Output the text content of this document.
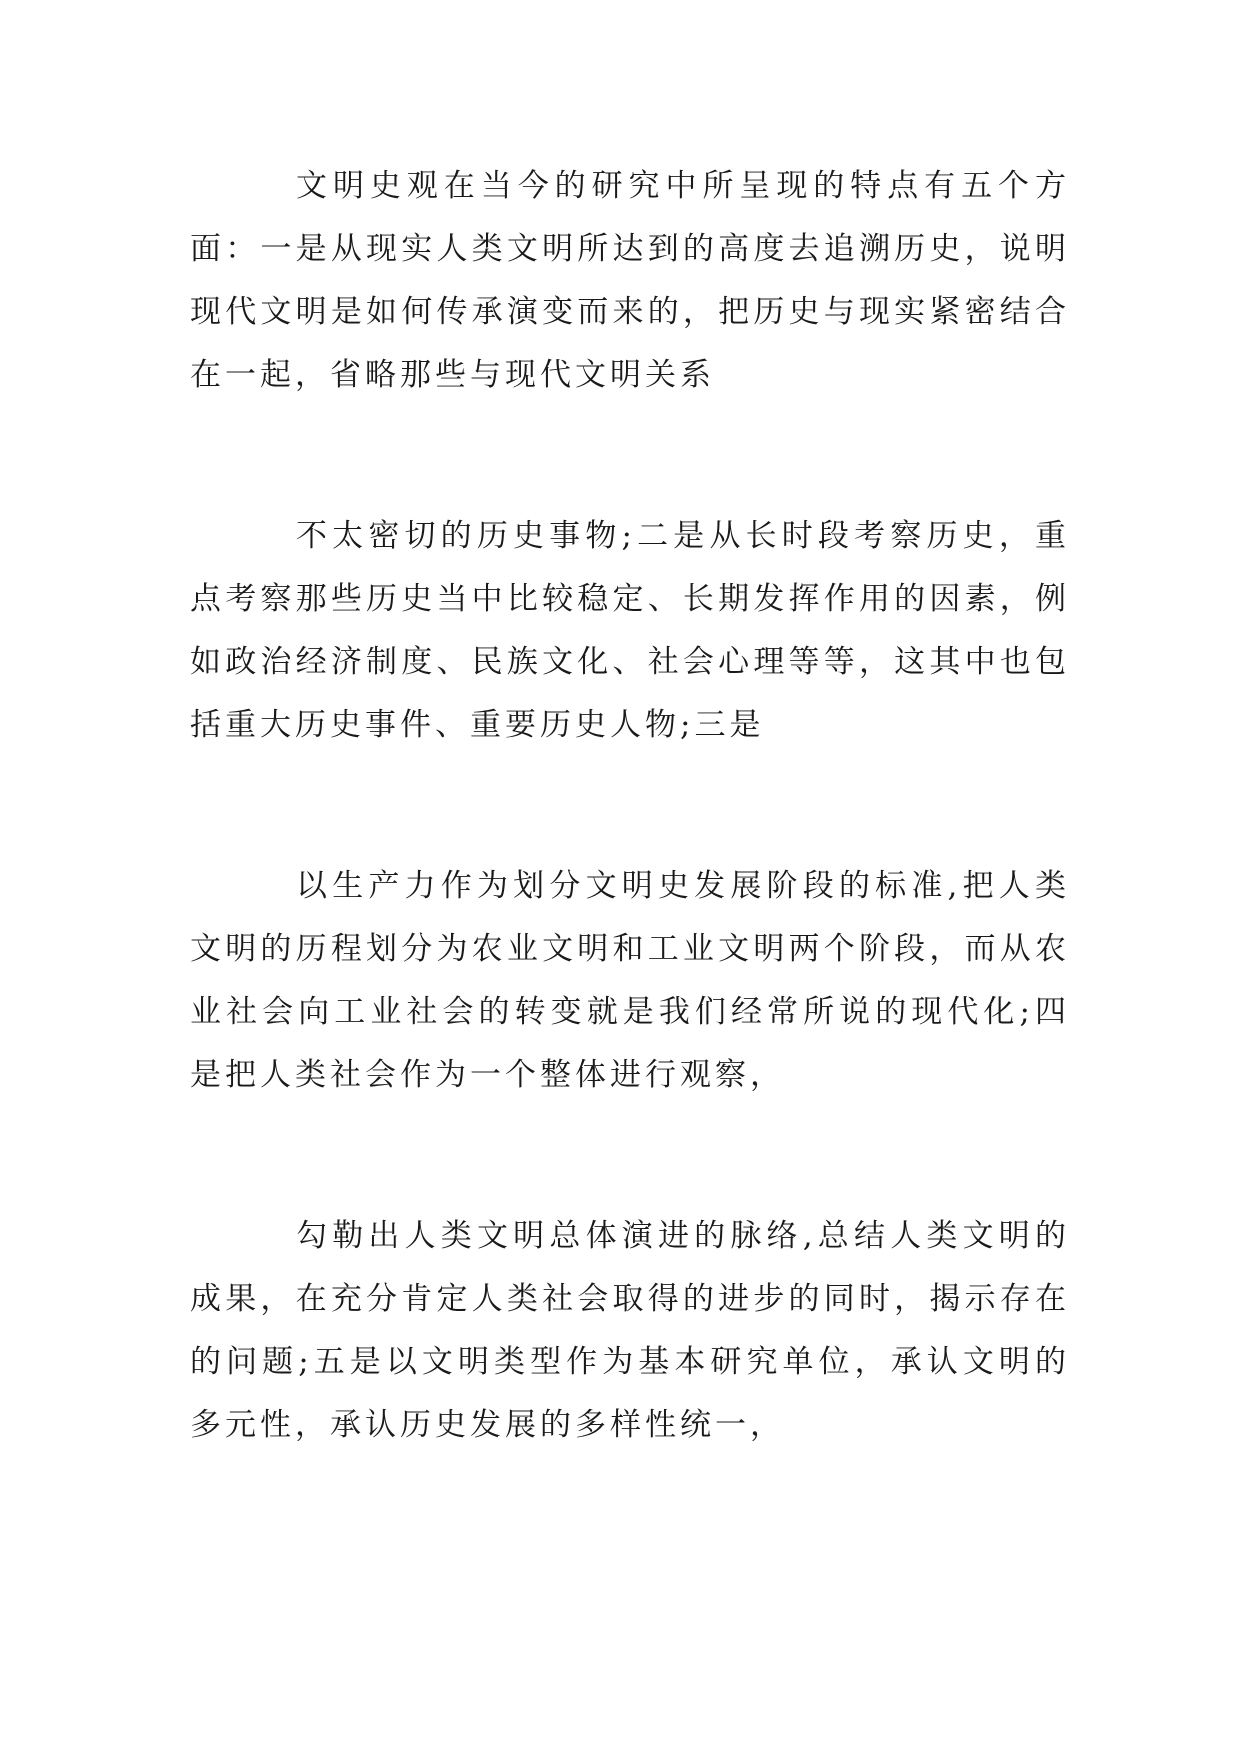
文明史观在当今的研究中所呈现的特点有五个方面：一是从现实人类文明所达到的高度去追溯历史，说明现代文明是如何传承演变而来的，把历史与现实紧密结合在一起，省略那些与现代文明关系

不太密切的历史事物;二是从长时段考察历史，重点考察那些历史当中比较稳定、长期发挥作用的因素，例如政治经济制度、民族文化、社会心理等等，这其中也包括重大历史事件、重要历史人物;三是

以生产力作为划分文明史发展阶段的标准,把人类文明的历程划分为农业文明和工业文明两个阶段，而从农业社会向工业社会的转变就是我们经常所说的现代化;四是把人类社会作为一个整体进行观察，

勾勒出人类文明总体演进的脉络,总结人类文明的成果，在充分肯定人类社会取得的进步的同时，揭示存在的问题;五是以文明类型作为基本研究单位，承认文明的多元性，承认历史发展的多样性统一，
